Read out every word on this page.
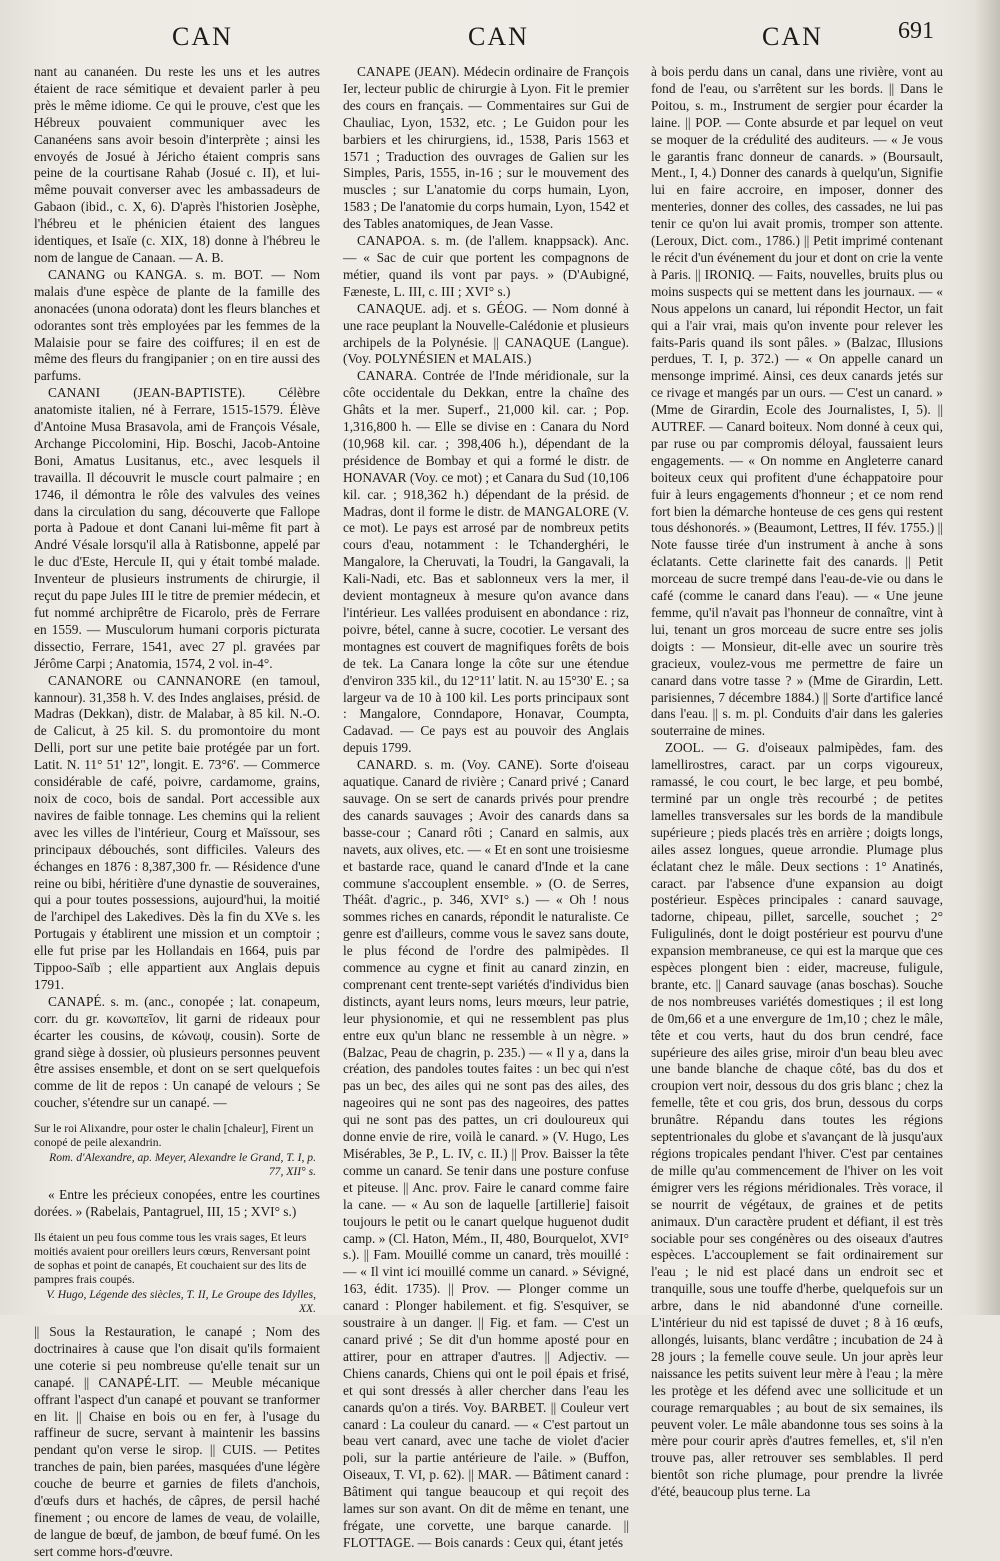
CAN	CAN	CAN	691

nant au cananéen. Du reste les uns et les autres étaient de race sémitique et devaient parler à peu près le même idiome. Ce qui le prouve, c'est que les Hébreux pouvaient communiquer avec les Cananéens sans avoir besoin d'interprète ; ainsi les envoyés de Josué à Jéricho étaient compris sans peine de la courtisane Rahab (Josué c. II), et lui-même pouvait converser avec les ambassadeurs de Gabaon (ibid., c. X, 6). D'après l'historien Josèphe, l'hébreu et le phénicien étaient des langues identiques, et Isaïe (c. XIX, 18) donne à l'hébreu le nom de langue de Canaan. — A. B.

CANANG ou KANGA. s. m. BOT. — Nom malais d'une espèce de plante de la famille des anonacées (unona odorata) dont les fleurs blanches et odorantes sont très employées par les femmes de la Malaisie pour se faire des coiffures; il en est de même des fleurs du frangipanier ; on en tire aussi des parfums.

CANANI (JEAN-BAPTISTE). Célèbre anatomiste italien, né à Ferrare, 1515-1579. Élève d'Antoine Musa Brasavola, ami de François Vésale, Archange Piccolomini, Hip. Boschi, Jacob-Antoine Boni, Amatus Lusitanus, etc., avec lesquels il travailla. Il découvrit le muscle court palmaire ; en 1746, il démontra le rôle des valvules des veines dans la circulation du sang, découverte que Fallope porta à Padoue et dont Canani lui-même fit part à André Vésale lorsqu'il alla à Ratisbonne, appelé par le duc d'Este, Hercule II, qui y était tombé malade. Inventeur de plusieurs instruments de chirurgie, il reçut du pape Jules III le titre de premier médecin, et fut nommé archiprêtre de Ficarolo, près de Ferrare en 1559. — Musculorum humani corporis picturata dissectio, Ferrare, 1541, avec 27 pl. gravées par Jérôme Carpi ; Anatomia, 1574, 2 vol. in-4°.

CANANORE ou CANNANORE (en tamoul, kannour). 31,358 h. V. des Indes anglaises, présid. de Madras (Dekkan), distr. de Malabar, à 85 kil. N.-O. de Calicut, à 25 kil. S. du promontoire du mont Delli, port sur une petite baie protégée par un fort. Latit. N. 11° 51' 12", longit. E. 73°6'. — Commerce considérable de café, poivre, cardamome, grains, noix de coco, bois de sandal. Port accessible aux navires de faible tonnage. Les chemins qui la relient avec les villes de l'intérieur, Courg et Maïssour, ses principaux débouchés, sont difficiles. Valeurs des échanges en 1876 : 8,387,300 fr. — Résidence d'une reine ou bibi, héritière d'une dynastie de souveraines, qui a pour toutes possessions, aujourd'hui, la moitié de l'archipel des Lakedives. Dès la fin du XVe s. les Portugais y établirent une mission et un comptoir ; elle fut prise par les Hollandais en 1664, puis par Tippoo-Saïb ; elle appartient aux Anglais depuis 1791.

CANAPÉ. s. m. (anc., conopée ; lat. conapeum, corr. du gr. κωνωπεῖον, lit garni de rideaux pour écarter les cousins, de κώνωψ, cousin). Sorte de grand siège à dossier, où plusieurs personnes peuvent être assises ensemble, et dont on se sert quelquefois comme de lit de repos : Un canapé de velours ; Se coucher, s'étendre sur un canapé. —

Sur le roi Alixandre, pour oster le chalin [chaleur], Firent un conopé de peile alexandrin.
Rom. d'Alexandre, ap. Meyer, Alexandre le Grand, T. I, p. 77, XII° s.

« Entre les précieux conopées, entre les courtines dorées. » (Rabelais, Pantagruel, III, 15 ; XVI° s.)

Ils étaient un peu fous comme tous les vrais sages, Et leurs moitiés avaient pour oreillers leurs cœurs, Renversant point de sophas et point de canapés, Et couchaient sur des lits de pampres frais coupés.
V. Hugo, Légende des siècles, T. II, Le Groupe des Idylles, XX.

|| Sous la Restauration, le canapé ; Nom des doctrinaires à cause que l'on disait qu'ils formaient une coterie si peu nombreuse qu'elle tenait sur un canapé. || CANAPÉ-LIT. — Meuble mécanique offrant l'aspect d'un canapé et pouvant se tranformer en lit. || Chaise en bois ou en fer, à l'usage du raffineur de sucre, servant à maintenir les bassins pendant qu'on verse le sirop. || CUIS. — Petites tranches de pain, bien parées, masquées d'une légère couche de beurre et garnies de filets d'anchois, d'œufs durs et hachés, de câpres, de persil haché finement ; ou encore de lames de veau, de volaille, de langue de bœuf, de jambon, de bœuf fumé. On les sert comme hors-d'œuvre.

CANAPE (JEAN). Médecin ordinaire de François Ier, lecteur public de chirurgie à Lyon. Fit le premier des cours en français. — Commentaires sur Gui de Chauliac, Lyon, 1532, etc. ; Le Guidon pour les barbiers et les chirurgiens, id., 1538, Paris 1563 et 1571 ; Traduction des ouvrages de Galien sur les Simples, Paris, 1555, in-16 ; sur le mouvement des muscles ; sur L'anatomie du corps humain, Lyon, 1583 ; De l'anatomie du corps humain, Lyon, 1542 et des Tables anatomiques, de Jean Vasse.

CANAPOA. s. m. (de l'allem. knappsack). Anc. — « Sac de cuir que portent les compagnons de métier, quand ils vont par pays. » (D'Aubigné, Fæneste, L. III, c. III ; XVI° s.)

CANAQUE. adj. et s. GÉOG. — Nom donné à une race peuplant la Nouvelle-Calédonie et plusieurs archipels de la Polynésie. || CANAQUE (Langue). (Voy. POLYNÉSIEN et MALAIS.)

CANARA. Contrée de l'Inde méridionale, sur la côte occidentale du Dekkan, entre la chaîne des Ghâts et la mer. Superf., 21,000 kil. car. ; Pop. 1,316,800 h. — Elle se divise en : Canara du Nord (10,968 kil. car. ; 398,406 h.), dépendant de la présidence de Bombay et qui a formé le distr. de HONAVAR (Voy. ce mot) ; et Canara du Sud (10,106 kil. car. ; 918,362 h.) dépendant de la présid. de Madras, dont il forme le distr. de MANGALORE (V. ce mot). Le pays est arrosé par de nombreux petits cours d'eau, notamment : le Tchanderghéri, le Mangalore, la Cheruvati, la Toudri, la Gangavali, la Kali-Nadi, etc. Bas et sablonneux vers la mer, il devient montagneux à mesure qu'on avance dans l'intérieur. Les vallées produisent en abondance : riz, poivre, bétel, canne à sucre, cocotier. Le versant des montagnes est couvert de magnifiques forêts de bois de tek. La Canara longe la côte sur une étendue d'environ 335 kil., du 12°11' latit. N. au 15°30' E. ; sa largeur va de 10 à 100 kil. Les ports principaux sont : Mangalore, Conndapore, Honavar, Coumpta, Cadavad. — Ce pays est au pouvoir des Anglais depuis 1799.

CANARD. s. m. (Voy. CANE). Sorte d'oiseau aquatique. Canard de rivière ; Canard privé ; Canard sauvage. On se sert de canards privés pour prendre des canards sauvages ; Avoir des canards dans sa basse-cour ; Canard rôti ; Canard en salmis, aux navets, aux olives, etc. — « Et en sont une troisiesme et bastarde race, quand le canard d'Inde et la cane commune s'accouplent ensemble. » (O. de Serres, Théât. d'agric., p. 346, XVI° s.) — « Oh ! nous sommes riches en canards, répondit le naturaliste. Ce genre est d'ailleurs, comme vous le savez sans doute, le plus fécond de l'ordre des palmipèdes. Il commence au cygne et finit au canard zinzin, en comprenant cent trente-sept variétés d'individus bien distincts, ayant leurs noms, leurs mœurs, leur patrie, leur physionomie, et qui ne ressemblent pas plus entre eux qu'un blanc ne ressemble à un nègre. » (Balzac, Peau de chagrin, p. 235.) — « Il y a, dans la création, des pandoles toutes faites : un bec qui n'est pas un bec, des ailes qui ne sont pas des ailes, des nageoires qui ne sont pas des nageoires, des pattes qui ne sont pas des pattes, un cri douloureux qui donne envie de rire, voilà le canard. » (V. Hugo, Les Misérables, 3e P., L. IV, c. II.) || Prov. Baisser la tête comme un canard. Se tenir dans une posture confuse et piteuse. || Anc. prov. Faire le canard comme faire la cane. — « Au son de laquelle [artillerie] faisoit toujours le petit ou le canart quelque huguenot dudit camp. » (Cl. Haton, Mém., II, 480, Bourquelot, XVI° s.). || Fam. Mouillé comme un canard, très mouillé : — « Il vint ici mouillé comme un canard. » Sévigné, 163, édit. 1735). || Prov. — Plonger comme un canard : Plonger habilement. et fig. S'esquiver, se soustraire à un danger. || Fig. et fam. — C'est un canard privé ; Se dit d'un homme aposté pour en attirer, pour en attraper d'autres. || Adjectiv. — Chiens canards, Chiens qui ont le poil épais et frisé, et qui sont dressés à aller chercher dans l'eau les canards qu'on a tirés. Voy. BARBET. || Couleur vert canard : La couleur du canard. — « C'est partout un beau vert canard, avec une tache de violet d'acier poli, sur la partie antérieure de l'aile. » (Buffon, Oiseaux, T. VI, p. 62). || MAR. — Bâtiment canard : Bâtiment qui tangue beaucoup et qui reçoit des lames sur son avant. On dit de même en tenant, une frégate, une corvette, une barque canarde. || FLOTTAGE. — Bois canards : Ceux qui, étant jetés

à bois perdu dans un canal, dans une rivière, vont au fond de l'eau, ou s'arrêtent sur les bords. || Dans le Poitou, s. m., Instrument de sergier pour écarder la laine. || POP. — Conte absurde et par lequel on veut se moquer de la crédulité des auditeurs. — « Je vous le garantis franc donneur de canards. » (Boursault, Ment., I, 4.) Donner des canards à quelqu'un, Signifie lui en faire accroire, en imposer, donner des menteries, donner des colles, des cassades, ne lui pas tenir ce qu'on lui avait promis, tromper son attente. (Leroux, Dict. com., 1786.) || Petit imprimé contenant le récit d'un événement du jour et dont on crie la vente à Paris. || IRONIQ. — Faits, nouvelles, bruits plus ou moins suspects qui se mettent dans les journaux. — « Nous appelons un canard, lui répondit Hector, un fait qui a l'air vrai, mais qu'on invente pour relever les faits-Paris quand ils sont pâles. » (Balzac, Illusions perdues, T. I, p. 372.) — « On appelle canard un mensonge imprimé. Ainsi, ces deux canards jetés sur ce rivage et mangés par un ours. — C'est un canard. » (Mme de Girardin, Ecole des Journalistes, I, 5). || AUTREF. — Canard boiteux. Nom donné à ceux qui, par ruse ou par compromis déloyal, faussaient leurs engagements. — « On nomme en Angleterre canard boiteux ceux qui profitent d'une échappatoire pour fuir à leurs engagements d'honneur ; et ce nom rend fort bien la démarche honteuse de ces gens qui restent tous déshonorés. » (Beaumont, Lettres, II fév. 1755.) || Note fausse tirée d'un instrument à anche à sons éclatants. Cette clarinette fait des canards. || Petit morceau de sucre trempé dans l'eau-de-vie ou dans le café (comme le canard dans l'eau). — « Une jeune femme, qu'il n'avait pas l'honneur de connaître, vint à lui, tenant un gros morceau de sucre entre ses jolis doigts : — Monsieur, dit-elle avec un sourire très gracieux, voulez-vous me permettre de faire un canard dans votre tasse ? » (Mme de Girardin, Lett. parisiennes, 7 décembre 1884.) || Sorte d'artifice lancé dans l'eau. || s. m. pl. Conduits d'air dans les galeries souterraine de mines.

ZOOL. — G. d'oiseaux palmipèdes, fam. des lamellirostres, caract. par un corps vigoureux, ramassé, le cou court, le bec large, et peu bombé, terminé par un ongle très recourbé ; de petites lamelles transversales sur les bords de la mandibule supérieure ; pieds placés très en arrière ; doigts longs, ailes assez longues, queue arrondie. Plumage plus éclatant chez le mâle. Deux sections : 1° Anatinés, caract. par l'absence d'une expansion au doigt postérieur. Espèces principales : canard sauvage, tadorne, chipeau, pillet, sarcelle, souchet ; 2° Fuligulinés, dont le doigt postérieur est pourvu d'une expansion membraneuse, ce qui est la marque que ces espèces plongent bien : eider, macreuse, fuligule, brante, etc. || Canard sauvage (anas boschas). Souche de nos nombreuses variétés domestiques ; il est long de 0m,66 et a une envergure de 1m,10 ; chez le mâle, tête et cou verts, haut du dos brun cendré, face supérieure des ailes grise, miroir d'un beau bleu avec une bande blanche de chaque côté, bas du dos et croupion vert noir, dessous du dos gris blanc ; chez la femelle, tête et cou gris, dos brun, dessous du corps brunâtre. Répandu dans toutes les régions septentrionales du globe et s'avançant de là jusqu'aux régions tropicales pendant l'hiver. C'est par centaines de mille qu'au commencement de l'hiver on les voit émigrer vers les régions méridionales. Très vorace, il se nourrit de végétaux, de graines et de petits animaux. D'un caractère prudent et défiant, il est très sociable pour ses congénères ou des oiseaux d'autres espèces. L'accouplement se fait ordinairement sur l'eau ; le nid est placé dans un endroit sec et tranquille, sous une touffe d'herbe, quelquefois sur un arbre, dans le nid abandonné d'une corneille. L'intérieur du nid est tapissé de duvet ; 8 à 16 œufs, allongés, luisants, blanc verdâtre ; incubation de 24 à 28 jours ; la femelle couve seule. Un jour après leur naissance les petits suivent leur mère à l'eau ; la mère les protège et les défend avec une sollicitude et un courage remarquables ; au bout de six semaines, ils peuvent voler. Le mâle abandonne tous ses soins à la mère pour courir après d'autres femelles, et, s'il n'en trouve pas, aller retrouver ses semblables. Il perd bientôt son riche plumage, pour prendre la livrée d'été, beaucoup plus terne. La
